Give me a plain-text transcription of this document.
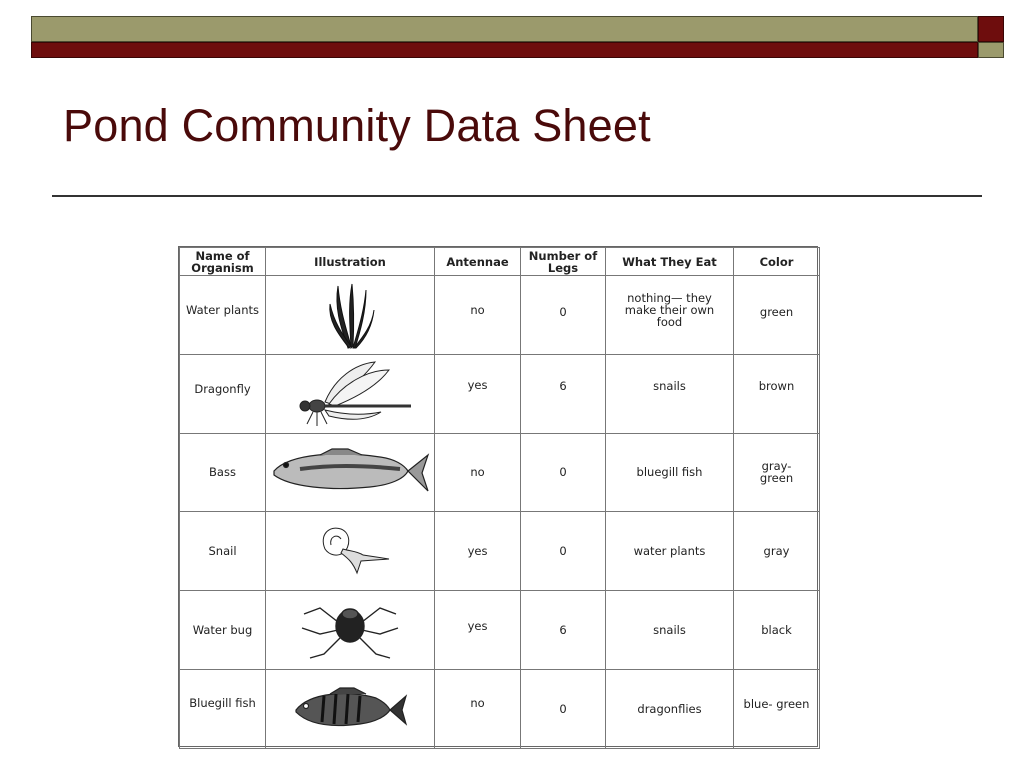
Pond Community Data Sheet
Name of Organism	Illustration	Antennae	Number of Legs	What They Eat	Color
Water plants		no	0	nothing— they make their own food	green
Dragonfly		yes	6	snails	brown
Bass		no	0	bluegill fish	gray- green
Snail		yes	0	water plants	gray
Water bug		yes	6	snails	black
Bluegill fish		no	0	dragonflies	blue- green
